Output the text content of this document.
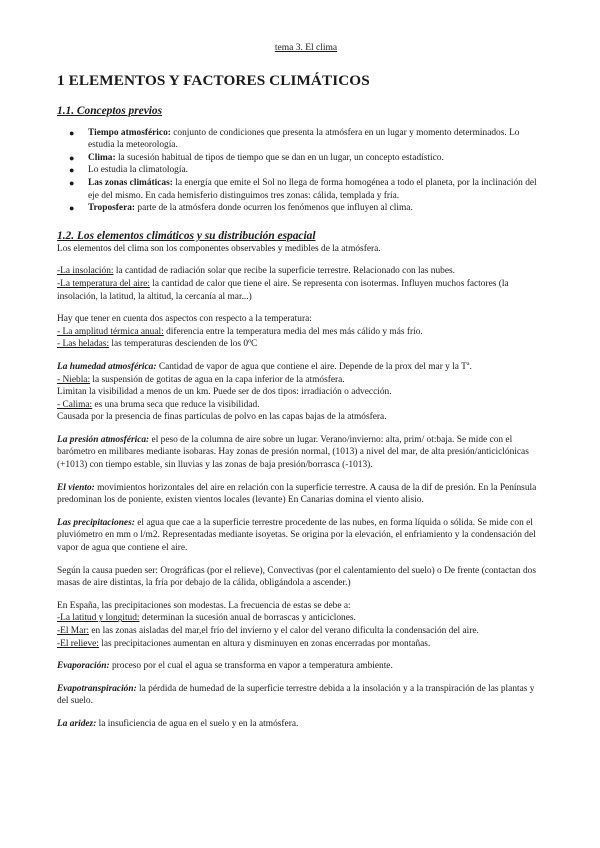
tema 3. El clima
1 ELEMENTOS Y FACTORES CLIMÁTICOS
1.1. Conceptos previos
● Tiempo atmosférico: conjunto de condiciones que presenta la atmósfera en un lugar y momento determinados. Lo estudia la meteorología.
● Clima: la sucesión habitual de tipos de tiempo que se dan en un lugar, un concepto estadístico.
● Lo estudia la climatología.
● Las zonas climáticas: la energía que emite el Sol no llega de forma homogénea a todo el planeta, por la inclinación del eje del mismo. En cada hemisferio distinguimos tres zonas: cálida, templada y fría.
● Troposfera: parte de la atmósfera donde ocurren los fenómenos que influyen al clima.
1.2. Los elementos climáticos y su distribución espacial

Los elementos del clima son los componentes observables y medibles de la atmósfera.

-La insolación: la cantidad de radiación solar que recibe la superficie terrestre. Relacionado con las nubes.

-La temperatura del aire: la cantidad de calor que tiene el aire. Se representa con isotermas. Influyen muchos factores (la insolación, la latitud, la altitud, la cercanía al mar...)

Hay que tener en cuenta dos aspectos con respecto a la temperatura:

- La amplitud térmica anual: diferencia entre la temperatura media del mes más cálido y más frío.

- Las heladas: las temperaturas descienden de los 0ºC

La humedad atmosférica: Cantidad de vapor de agua que contiene el aire. Depende de la prox del mar y la Tª.

- Niebla: la suspensión de gotitas de agua en la capa inferior de la atmósfera.

Limitan la visibilidad a menos de un km. Puede ser de dos tipos: irradiación o advección.

- Calima: es una bruma seca que reduce la visibilidad.

Causada por la presencia de finas partículas de polvo en las capas bajas de la atmósfera.

La presión atmosférica: el peso de la columna de aire sobre un lugar. Verano/invierno: alta, prim/ ot:baja. Se mide con el barómetro en milibares mediante isobaras. Hay zonas de presión normal, (1013) a nivel del mar, de alta presión/anticiclónicas (+1013) con tiempo estable, sin lluvias y las zonas de baja presión/borrasca (-1013).

El viento: movimientos horizontales del aire en relación con la superficie terrestre. A causa de la dif de presión. En la Península predominan los de poniente, existen vientos locales (levante) En Canarias domina el viento alisio.

Las precipitaciones: el agua que cae a la superficie terrestre procedente de las nubes, en forma líquida o sólida. Se mide con el pluviómetro en mm o l/m2. Representadas mediante isoyetas. Se origina por la elevación, el enfriamiento y la condensación del vapor de agua que contiene el aire.

Según la causa pueden ser: Orográficas (por el relieve), Convectivas (por el calentamiento del suelo) o De frente (contactan dos masas de aire distintas, la fría por debajo de la cálida, obligándola a ascender.)

En España, las precipitaciones son modestas. La frecuencia de estas se debe a:

-La latitud y longitud: determinan la sucesión anual de borrascas y anticiclones.

-El Mar: en las zonas aisladas del mar,el frío del invierno y el calor del verano dificulta la condensación del aire.

-El relieve: las precipitaciones aumentan en altura y disminuyen en zonas encerradas por montañas.

Evaporación: proceso por el cual el agua se transforma en vapor a temperatura ambiente.

Evapotranspiración: la pérdida de humedad de la superficie terrestre debida a la insolación y a la transpiración de las plantas y del suelo.

La aridez: la insuficiencia de agua en el suelo y en la atmósfera.
